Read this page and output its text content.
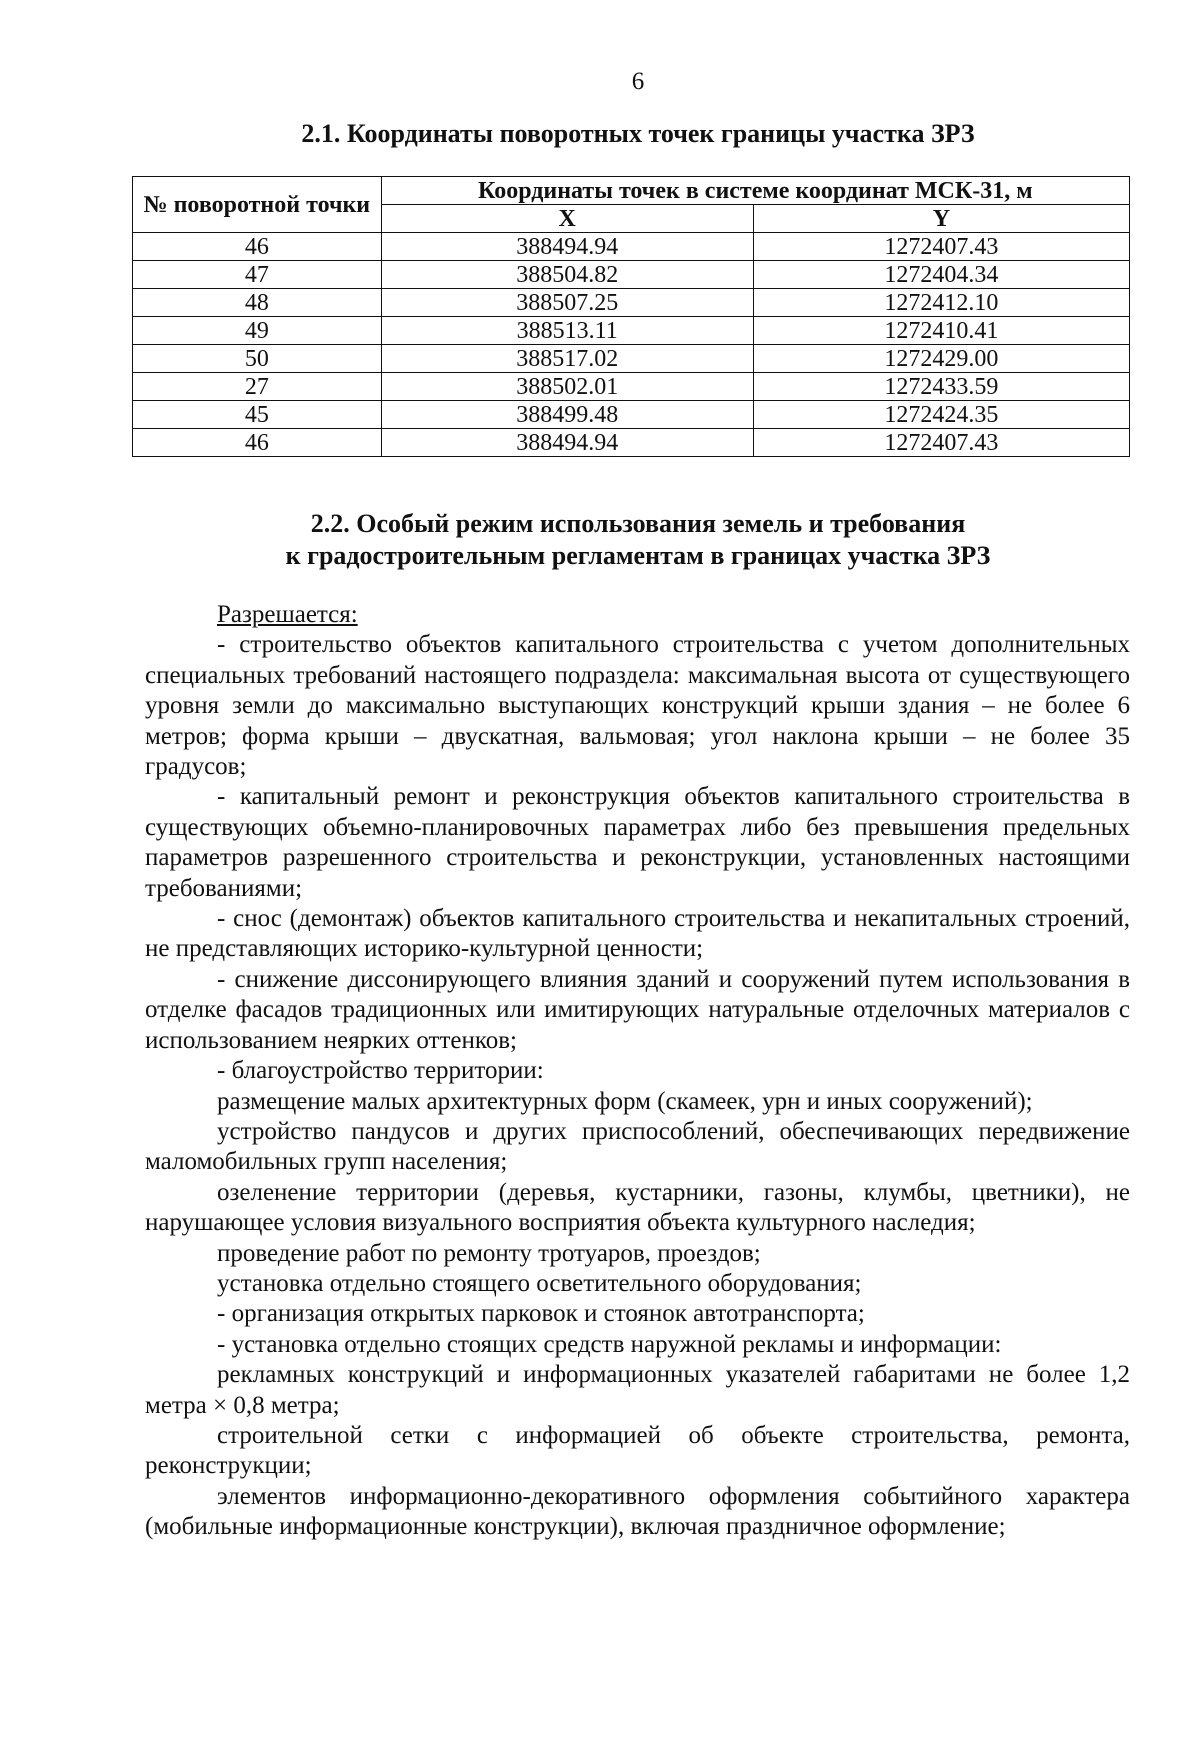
6
2.1. Координаты поворотных точек границы участка ЗРЗ
№ поворотной точки	Координаты точек в системе координат МСК-31, м	
	X	Y
46	388494.94	1272407.43
47	388504.82	1272404.34
48	388507.25	1272412.10
49	388513.11	1272410.41
50	388517.02	1272429.00
27	388502.01	1272433.59
45	388499.48	1272424.35
46	388494.94	1272407.43
2.2. Особый режим использования земель и требования
к градостроительным регламентам в границах участка ЗРЗ

Разрешается:

- строительство объектов капитального строительства с учетом дополнительных специальных требований настоящего подраздела: максимальная высота от существующего уровня земли до максимально выступающих конструкций крыши здания – не более 6 метров; форма крыши – двускатная, вальмовая; угол наклона крыши – не более 35 градусов;

- капитальный ремонт и реконструкция объектов капитального строительства в существующих объемно-планировочных параметрах либо без превышения предельных параметров разрешенного строительства и реконструкции, установленных настоящими требованиями;

- снос (демонтаж) объектов капитального строительства и некапитальных строений, не представляющих историко-культурной ценности;

- снижение диссонирующего влияния зданий и сооружений путем использования в отделке фасадов традиционных или имитирующих натуральные отделочных материалов с использованием неярких оттенков;

- благоустройство территории:

размещение малых архитектурных форм (скамеек, урн и иных сооружений);

устройство пандусов и других приспособлений, обеспечивающих передвижение маломобильных групп населения;

озеленение территории (деревья, кустарники, газоны, клумбы, цветники), не нарушающее условия визуального восприятия объекта культурного наследия;

проведение работ по ремонту тротуаров, проездов;

установка отдельно стоящего осветительного оборудования;

- организация открытых парковок и стоянок автотранспорта;

- установка отдельно стоящих средств наружной рекламы и информации:

рекламных конструкций и информационных указателей габаритами не более 1,2 метра × 0,8 метра;

строительной сетки с информацией об объекте строительства, ремонта, реконструкции;

элементов информационно-декоративного оформления событийного характера (мобильные информационные конструкции), включая праздничное оформление;
